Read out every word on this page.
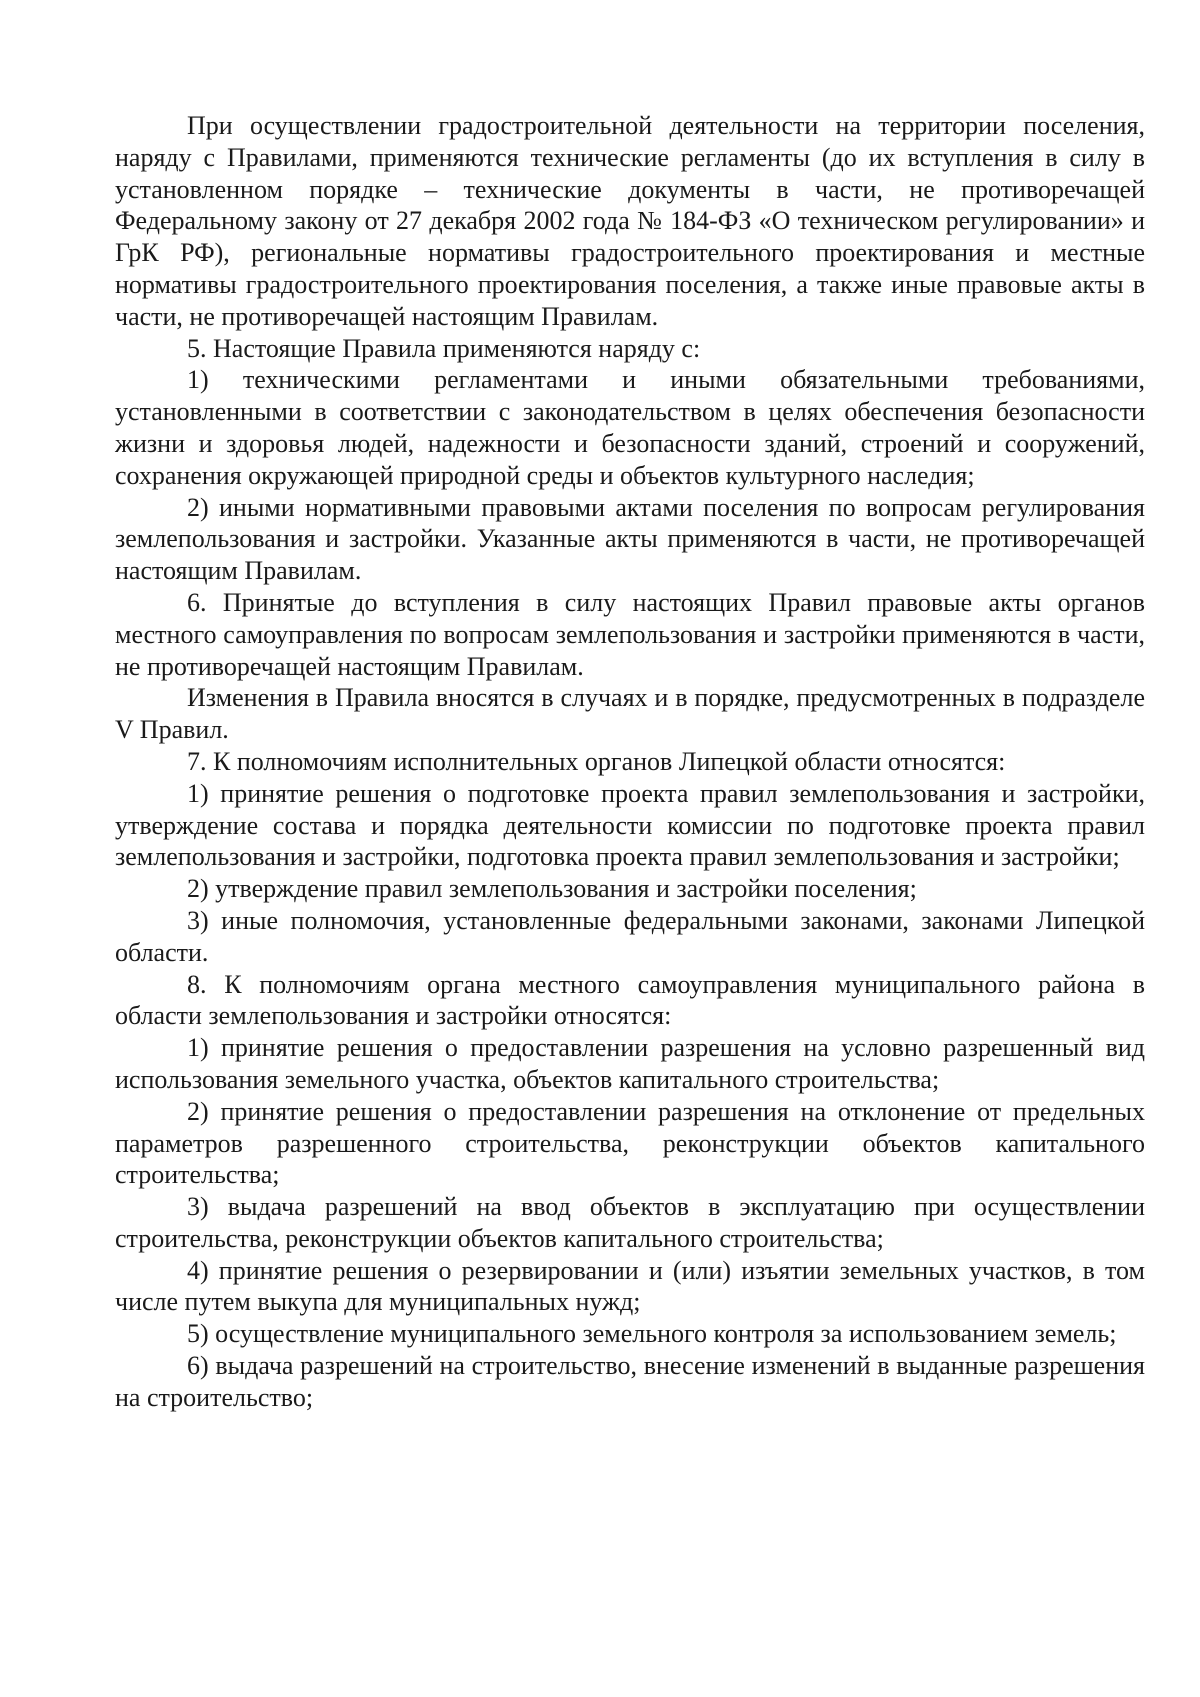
При осуществлении градостроительной деятельности на территории поселения, наряду с Правилами, применяются технические регламенты (до их вступления в силу в установленном порядке – технические документы в части, не противоречащей Федеральному закону от 27 декабря 2002 года № 184-ФЗ «О техническом регулировании» и ГрК РФ), региональные нормативы градостроительного проектирования и местные нормативы градостроительного проектирования поселения, а также иные правовые акты в части, не противоречащей настоящим Правилам.

5. Настоящие Правила применяются наряду с:

1) техническими регламентами и иными обязательными требованиями, установленными в соответствии с законодательством в целях обеспечения безопасности жизни и здоровья людей, надежности и безопасности зданий, строений и сооружений, сохранения окружающей природной среды и объектов культурного наследия;

2) иными нормативными правовыми актами поселения по вопросам регулирования землепользования и застройки. Указанные акты применяются в части, не противоречащей настоящим Правилам.

6. Принятые до вступления в силу настоящих Правил правовые акты органов местного самоуправления по вопросам землепользования и застройки применяются в части, не противоречащей настоящим Правилам.

Изменения в Правила вносятся в случаях и в порядке, предусмотренных в подразделе V Правил.

7. К полномочиям исполнительных органов Липецкой области относятся:

1) принятие решения о подготовке проекта правил землепользования и застройки, утверждение состава и порядка деятельности комиссии по подготовке проекта правил землепользования и застройки, подготовка проекта правил землепользования и застройки;

2) утверждение правил землепользования и застройки поселения;

3) иные полномочия, установленные федеральными законами, законами Липецкой области.

8. К полномочиям органа местного самоуправления муниципального района в области землепользования и застройки относятся:

1) принятие решения о предоставлении разрешения на условно разрешенный вид использования земельного участка, объектов капитального строительства;

2) принятие решения о предоставлении разрешения на отклонение от предельных параметров разрешенного строительства, реконструкции объектов капитального строительства;

3) выдача разрешений на ввод объектов в эксплуатацию при осуществлении строительства, реконструкции объектов капитального строительства;

4) принятие решения о резервировании и (или) изъятии земельных участков, в том числе путем выкупа для муниципальных нужд;

5) осуществление муниципального земельного контроля за использованием земель;

6) выдача разрешений на строительство, внесение изменений в выданные разрешения на строительство;
